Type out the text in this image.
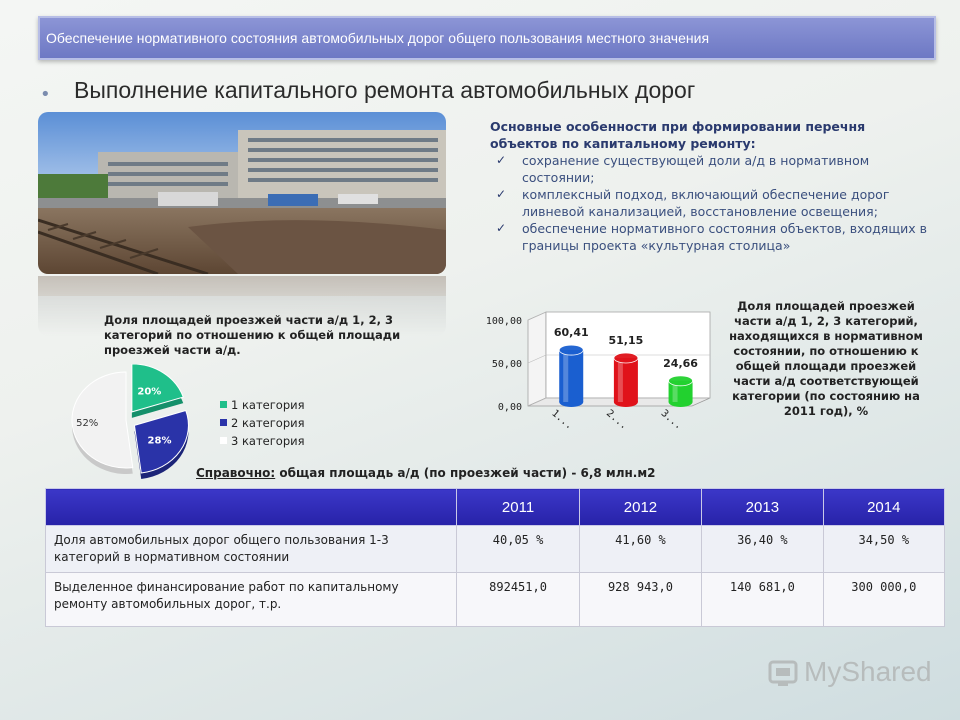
Обеспечение нормативного состояния автомобильных дорог общего пользования местного значения
• Выполнение капитального ремонта автомобильных дорог
Основные особенности при формировании перечня объектов по капитальному ремонту:
✓ сохранение существующей доли а/д в нормативном состоянии;
✓ комплексный подход, включающий обеспечение дорог ливневой канализацией, восстановление освещения;
✓ обеспечение нормативного состояния объектов, входящих в границы проекта «культурная столица»
Доля площадей проезжей части а/д 1, 2, 3 категорий по отношению к общей площади проезжей части а/д.
20%
28%
52%
1 категория
2 категория
3 категория
100,00
50,00
0,00
60,41
1...
51,15
2...
24,66
3...
Доля площадей проезжей части а/д 1, 2, 3 категорий, находящихся в нормативном состоянии, по отношению к общей площади проезжей части а/д соответствующей категории (по состоянию на 2011 год), %
Справочно: общая площадь а/д (по проезжей части) - 6,8 млн.м2
	2011	2012	2013	2014
Доля автомобильных дорог общего пользования 1-3 категорий в нормативном состоянии	40,05 %	41,60 %	36,40 %	34,50 %
Выделенное финансирование работ по капитальному ремонту автомобильных дорог, т.р.	892451,0	928 943,0	140 681,0	300 000,0
MyShared
